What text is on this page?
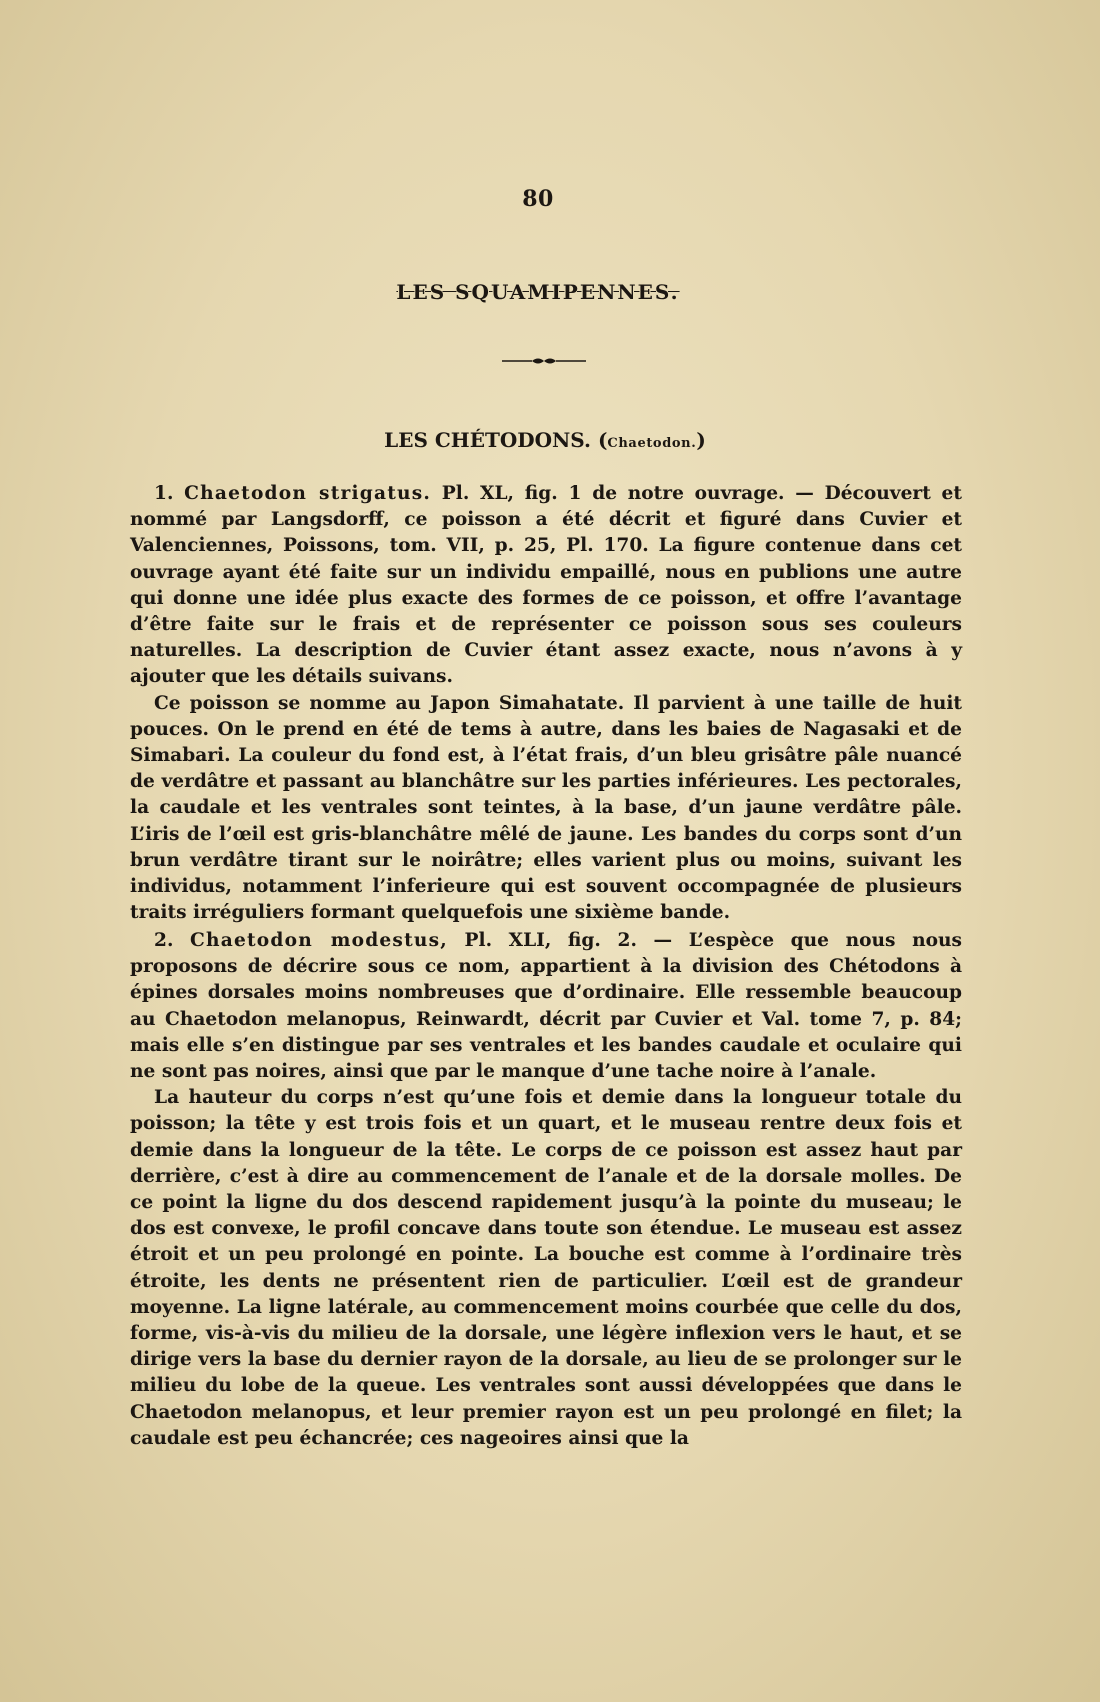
80
LES SQUAMIPENNES.
LES CHÉTODONS. (Chaetodon.)

1. Chaetodon strigatus. Pl. XL, fig. 1 de notre ouvrage. — Découvert et nommé par Langsdorff, ce poisson a été décrit et figuré dans Cuvier et Valenciennes, Poissons, tom. VII, p. 25, Pl. 170. La figure contenue dans cet ouvrage ayant été faite sur un individu empaillé, nous en publions une autre qui donne une idée plus exacte des formes de ce poisson, et offre l’avantage d’être faite sur le frais et de représenter ce poisson sous ses couleurs naturelles. La description de Cuvier étant assez exacte, nous n’avons à y ajouter que les détails suivans.

Ce poisson se nomme au Japon Simahatate. Il parvient à une taille de huit pouces. On le prend en été de tems à autre, dans les baies de Nagasaki et de Simabari. La couleur du fond est, à l’état frais, d’un bleu grisâtre pâle nuancé de verdâtre et passant au blanchâtre sur les parties inférieures. Les pectorales, la caudale et les ventrales sont teintes, à la base, d’un jaune verdâtre pâle. L’iris de l’œil est gris-blanchâtre mêlé de jaune. Les bandes du corps sont d’un brun verdâtre tirant sur le noirâtre; elles varient plus ou moins, suivant les individus, notamment l’inferieure qui est souvent occompagnée de plusieurs traits irréguliers formant quelquefois une sixième bande.

2. Chaetodon modestus, Pl. XLI, fig. 2. — L’espèce que nous nous proposons de décrire sous ce nom, appartient à la division des Chétodons à épines dorsales moins nombreuses que d’ordinaire. Elle ressemble beaucoup au Chaetodon melanopus, Reinwardt, décrit par Cuvier et Val. tome 7, p. 84; mais elle s’en distingue par ses ventrales et les bandes caudale et oculaire qui ne sont pas noires, ainsi que par le manque d’une tache noire à l’anale.

La hauteur du corps n’est qu’une fois et demie dans la longueur totale du poisson; la tête y est trois fois et un quart, et le museau rentre deux fois et demie dans la longueur de la tête. Le corps de ce poisson est assez haut par derrière, c’est à dire au commencement de l’anale et de la dorsale molles. De ce point la ligne du dos descend rapidement jusqu’à la pointe du museau; le dos est convexe, le profil concave dans toute son étendue. Le museau est assez étroit et un peu prolongé en pointe. La bouche est comme à l’ordinaire très étroite, les dents ne présentent rien de particulier. L’œil est de grandeur moyenne. La ligne latérale, au commencement moins courbée que celle du dos, forme, vis-à-vis du milieu de la dorsale, une légère inflexion vers le haut, et se dirige vers la base du dernier rayon de la dorsale, au lieu de se prolonger sur le milieu du lobe de la queue. Les ventrales sont aussi développées que dans le Chaetodon melanopus, et leur premier rayon est un peu prolongé en filet; la caudale est peu échancrée; ces nageoires ainsi que la
